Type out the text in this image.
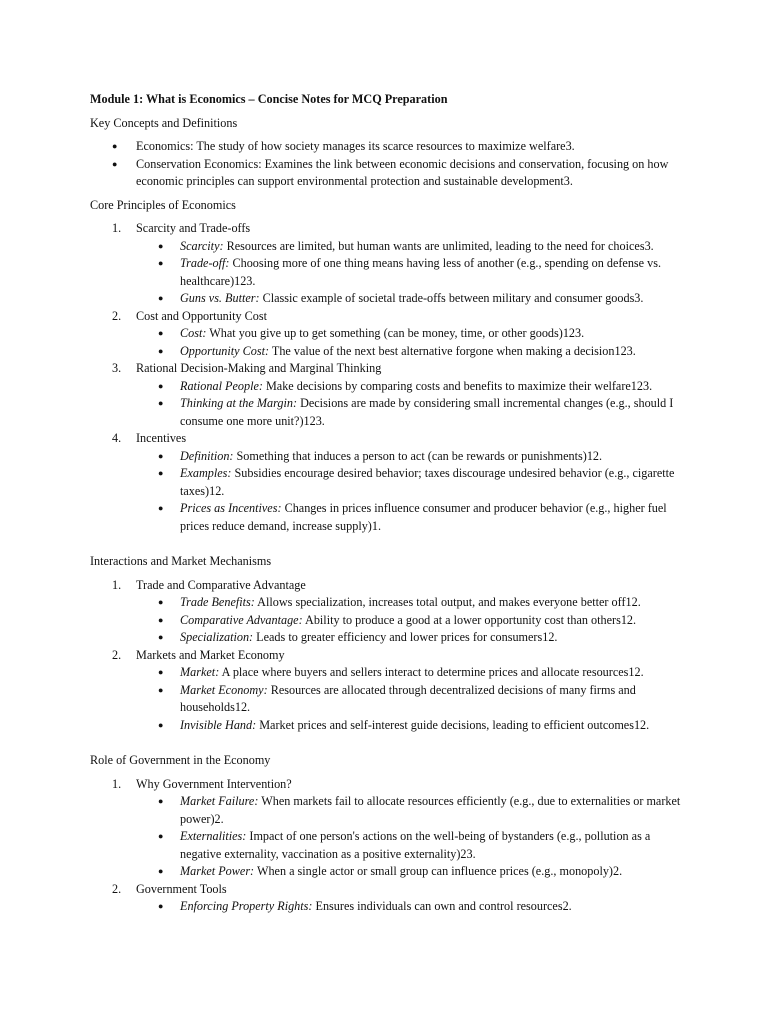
Module 1: What is Economics – Concise Notes for MCQ Preparation
Key Concepts and Definitions
● Economics: The study of how society manages its scarce resources to maximize welfare3.
● Conservation Economics: Examines the link between economic decisions and conservation, focusing on how economic principles can support environmental protection and sustainable development3.
Core Principles of Economics
1. Scarcity and Trade-offs
● Scarcity: Resources are limited, but human wants are unlimited, leading to the need for choices3.
● Trade-off: Choosing more of one thing means having less of another (e.g., spending on defense vs. healthcare)123.
● Guns vs. Butter: Classic example of societal trade-offs between military and consumer goods3.
2. Cost and Opportunity Cost
● Cost: What you give up to get something (can be money, time, or other goods)123.
● Opportunity Cost: The value of the next best alternative forgone when making a decision123.
3. Rational Decision-Making and Marginal Thinking
● Rational People: Make decisions by comparing costs and benefits to maximize their welfare123.
● Thinking at the Margin: Decisions are made by considering small incremental changes (e.g., should I consume one more unit?)123.
4. Incentives
● Definition: Something that induces a person to act (can be rewards or punishments)12.
● Examples: Subsidies encourage desired behavior; taxes discourage undesired behavior (e.g., cigarette taxes)12.
● Prices as Incentives: Changes in prices influence consumer and producer behavior (e.g., higher fuel prices reduce demand, increase supply)1.
Interactions and Market Mechanisms
1. Trade and Comparative Advantage
● Trade Benefits: Allows specialization, increases total output, and makes everyone better off12.
● Comparative Advantage: Ability to produce a good at a lower opportunity cost than others12.
● Specialization: Leads to greater efficiency and lower prices for consumers12.
2. Markets and Market Economy
● Market: A place where buyers and sellers interact to determine prices and allocate resources12.
● Market Economy: Resources are allocated through decentralized decisions of many firms and households12.
● Invisible Hand: Market prices and self-interest guide decisions, leading to efficient outcomes12.
Role of Government in the Economy
1. Why Government Intervention?
● Market Failure: When markets fail to allocate resources efficiently (e.g., due to externalities or market power)2.
● Externalities: Impact of one person's actions on the well-being of bystanders (e.g., pollution as a negative externality, vaccination as a positive externality)23.
● Market Power: When a single actor or small group can influence prices (e.g., monopoly)2.
2. Government Tools
● Enforcing Property Rights: Ensures individuals can own and control resources2.
